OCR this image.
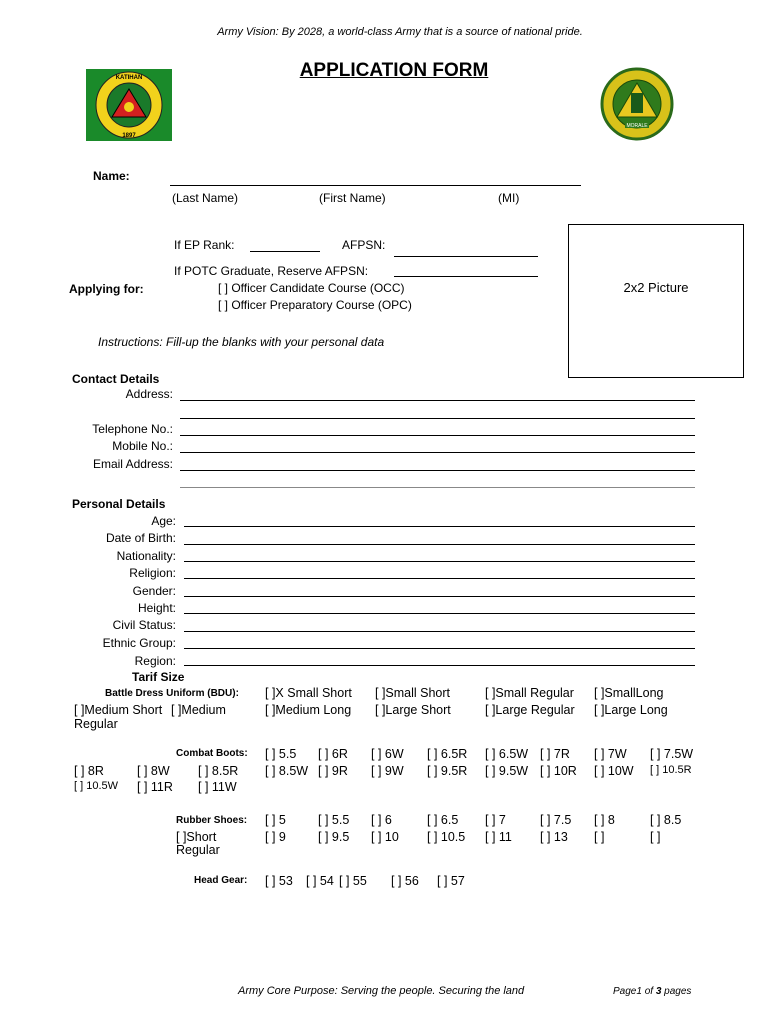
Army Vision: By 2028, a world-class Army that is a source of national pride.
APPLICATION FORM
KATIHAN
1897
MORALE
Name:
(Last Name)	(First Name)	(MI)
If EP Rank:	AFPSN:
If POTC Graduate, Reserve AFPSN:
Applying for:	[ ] Officer Candidate Course (OCC)
[ ] Officer Preparatory Course (OPC)
2x2 Picture
Instructions: Fill-up the blanks with your personal data
Contact Details
Address:
Telephone No.:
Mobile No.:
Email Address:
Personal Details
Age:
Date of Birth:
Nationality:
Religion:
Gender:
Height:
Civil Status:
Ethnic Group:
Region:
Tarif Size
Battle Dress Uniform (BDU): [ ]X Small Short [ ]Small Short	[ ]Small Regular [ ]SmallLong
[ ]Medium Short [ ]Medium	[ ]Medium Long [ ]Large Short	[ ]Large Regular [ ]Large Long
Regular
Combat Boots: [ ] 5.5 [ ] 6R [ ] 6W [ ] 6.5R [ ] 6.5W [ ] 7R [ ] 7W [ ] 7.5W
[ ] 8R	[ ] 8W [ ] 8.5R [ ] 8.5W [ ] 9R [ ] 9W [ ] 9.5R [ ] 9.5W [ ] 10R [ ] 10W [ ] 10.5R
[ ] 10.5W [ ] 11R [ ] 11W
Rubber Shoes: [ ] 5	[ ] 5.5 [ ] 6	[ ] 6.5 [ ] 7	[ ] 7.5 [ ] 8	[ ] 8.5
[ ]Short	[ ] 9	[ ] 9.5 [ ] 10 [ ] 10.5 [ ] 11 [ ] 13 [ ]	[ ]
Regular
Head Gear: [ ] 53 [ ] 54 [ ] 55 [ ] 56 [ ] 57
Army Core Purpose: Serving the people. Securing the land	Page1 of 3 pages
